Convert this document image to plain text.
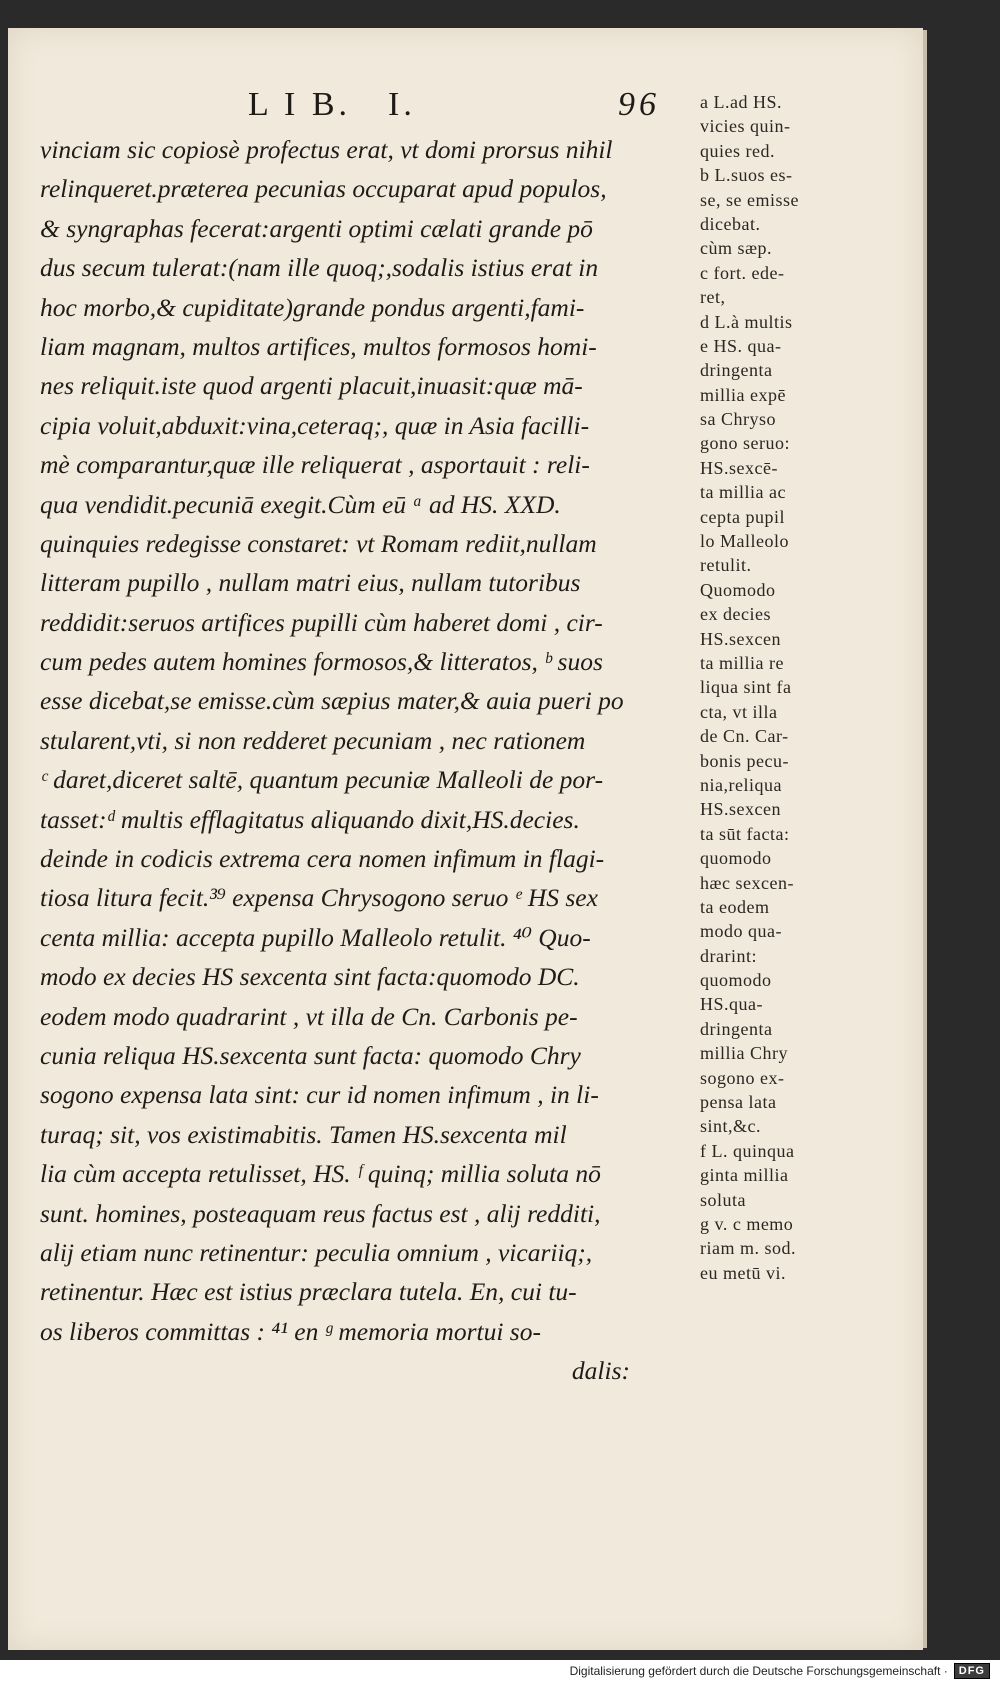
L I B. I.	96
vinciam sic copiosè profectus erat, vt domi prorsus nihil
relinqueret.præterea pecunias occuparat apud populos,
& syngraphas fecerat:argenti optimi cælati grande pō
dus secum tulerat:(nam ille quoq;,sodalis istius erat in
hoc morbo,& cupiditate)grande pondus argenti,fami-
liam magnam, multos artifices, multos formosos homi-
nes reliquit.iste quod argenti placuit,inuasit:quæ mā-
cipia voluit,abduxit:vina,ceteraq;, quæ in Asia facilli-
mè comparantur,quæ ille reliquerat , asportauit : reli-
qua vendidit.pecuniā exegit.Cùm eū ᵃ ad HS. XXD.
quinquies redegisse constaret: vt Romam rediit,nullam
litteram pupillo , nullam matri eius, nullam tutoribus
reddidit:seruos artifices pupilli cùm haberet domi , cir-
cum pedes autem homines formosos,& litteratos, ᵇ suos
esse dicebat,se emisse.cùm sæpius mater,& auia pueri po
stularent,vti, si non redderet pecuniam , nec rationem
ᶜ daret,diceret saltē, quantum pecuniæ Malleoli de por-
tasset:ᵈ multis efflagitatus aliquando dixit,HS.decies.
deinde in codicis extrema cera nomen infimum in flagi-
tiosa litura fecit.³⁹ expensa Chrysogono seruo ᵉ HS sex
centa millia: accepta pupillo Malleolo retulit. ⁴⁰ Quo-
modo ex decies HS sexcenta sint facta:quomodo DC.
eodem modo quadrarint , vt illa de Cn. Carbonis pe-
cunia reliqua HS.sexcenta sunt facta: quomodo Chry
sogono expensa lata sint: cur id nomen infimum , in li-
turaq; sit, vos existimabitis. Tamen HS.sexcenta mil
lia cùm accepta retulisset, HS. ᶠ quinq; millia soluta nō
sunt. homines, posteaquam reus factus est , alij redditi,
alij etiam nunc retinentur: peculia omnium , vicariiq;,
retinentur. Hæc est istius præclara tutela. En, cui tu-
os liberos committas : ⁴¹ en ᵍ memoria mortui so-
dalis:
a L.ad HS.
vicies quin-
quies red.
b L.suos es-
se, se emisse
dicebat.
cùm sæp.
c fort. ede-
ret,
d L.à multis
e HS. qua-
dringenta
millia expē
sa Chryso
gono seruo:
HS.sexcē-
ta millia ac
cepta pupil
lo Malleolo
retulit.
Quomodo
ex decies
HS.sexcen
ta millia re
liqua sint fa
cta, vt illa
de Cn. Car-
bonis pecu-
nia,reliqua
HS.sexcen
ta sūt facta:
quomodo
hæc sexcen-
ta eodem
modo qua-
drarint:
quomodo
HS.qua-
dringenta
millia Chry
sogono ex-
pensa lata
sint,&c.
f L. quinqua
ginta millia
soluta
g v. c memo
riam m. sod.
eu metū vi.
Digitalisierung gefördert durch die Deutsche Forschungsgemeinschaft ·	DFG
